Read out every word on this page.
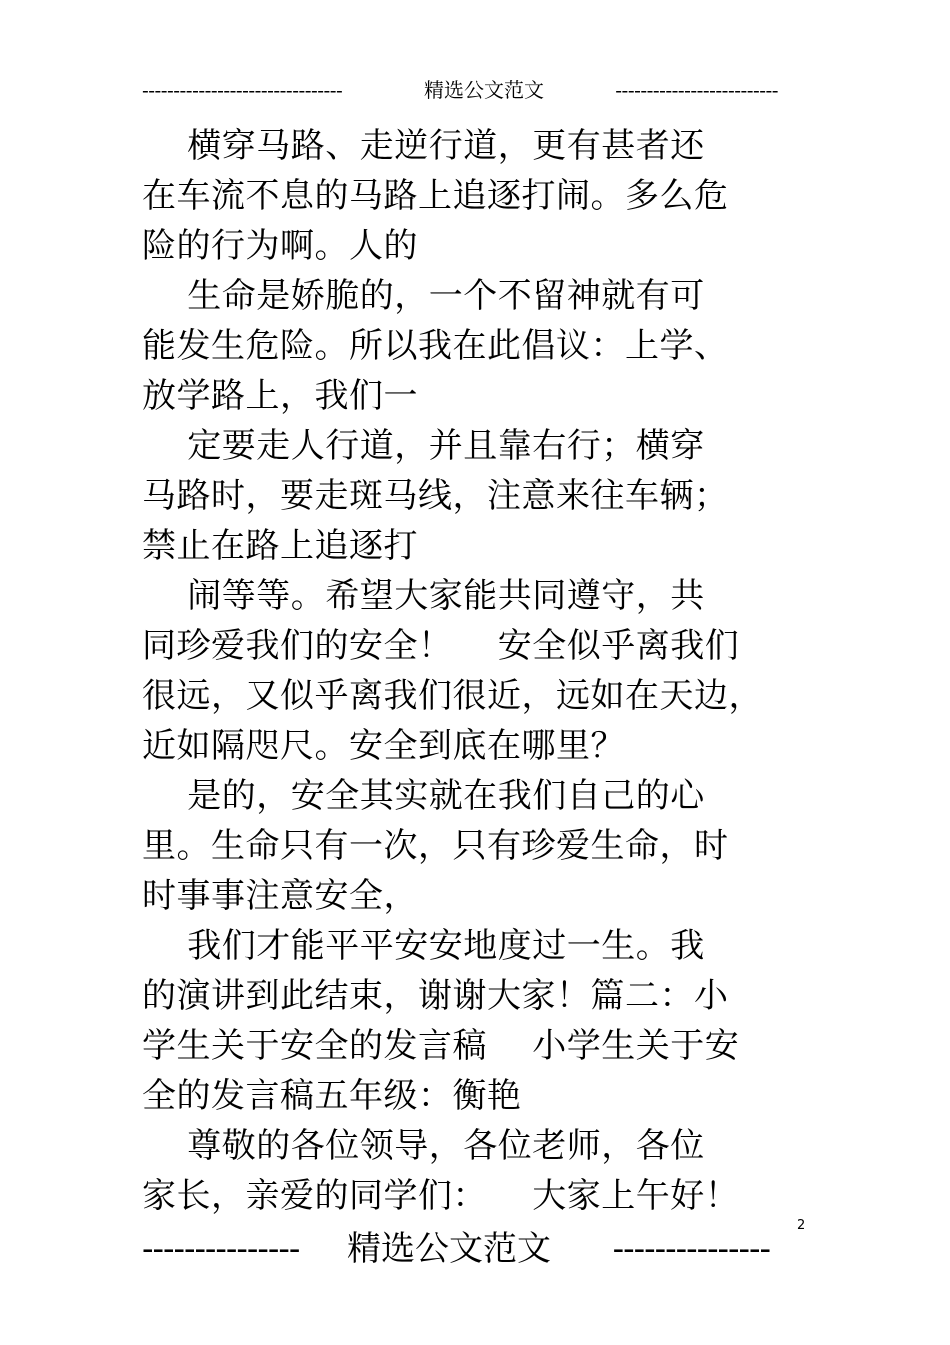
--------------------------------	精选公文范文	--------------------------
横穿马路、走逆行道，更有甚者还
在车流不息的马路上追逐打闹。多么危
险的行为啊。人的
生命是娇脆的，一个不留神就有可
能发生危险。所以我在此倡议：上学、
放学路上，我们一
定要走人行道，并且靠右行；横穿
马路时，要走斑马线，注意来往车辆；
禁止在路上追逐打
闹等等。希望大家能共同遵守，共
同珍爱我们的安全！    安全似乎离我们
很远，又似乎离我们很近，远如在天边，
近如隔咫尺。安全到底在哪里？
是的，安全其实就在我们自己的心
里。生命只有一次，只有珍爱生命，时
时事事注意安全，
我们才能平平安安地度过一生。我
的演讲到此结束，谢谢大家！篇二：小
学生关于安全的发言稿    小学生关于安
全的发言稿五年级：衡艳
尊敬的各位领导，各位老师，各位
家长，亲爱的同学们：    大家上午好！
2
--------------- 精选公文范文 ---------------
